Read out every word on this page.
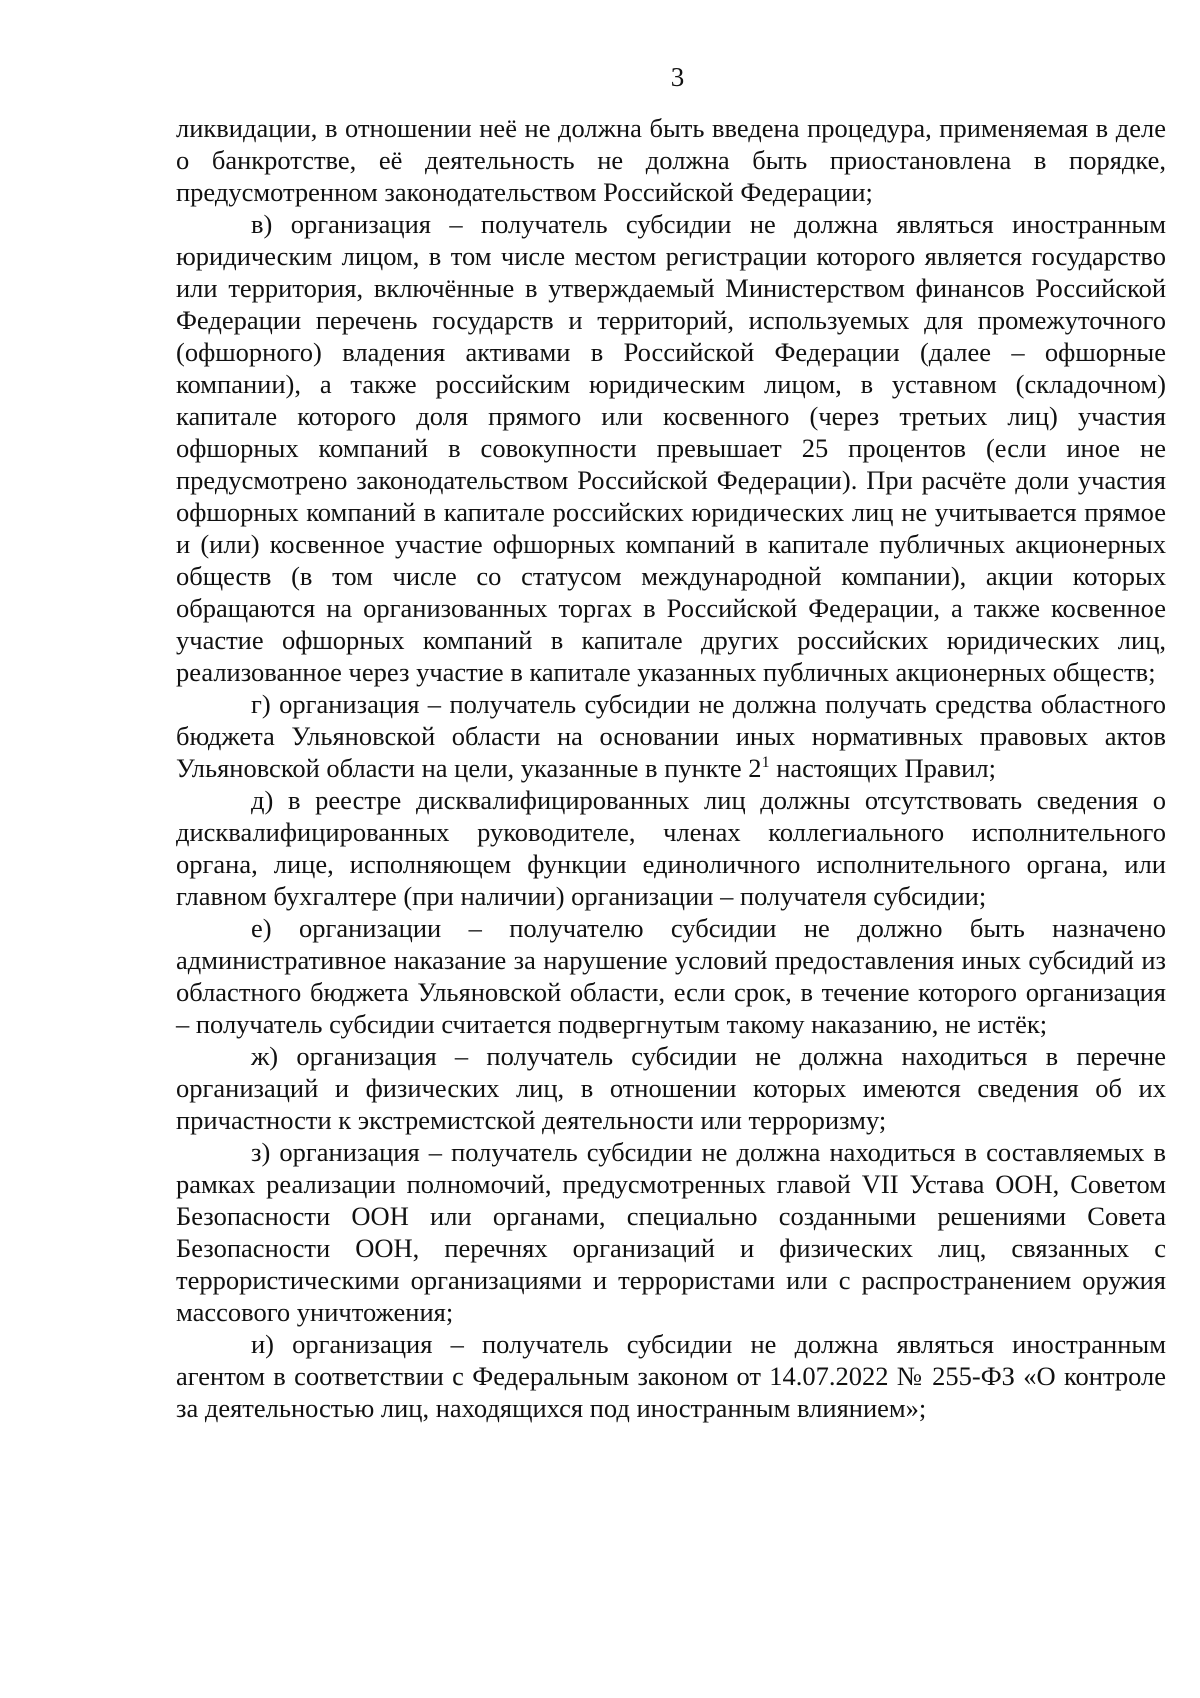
3

ликвидации, в отношении неё не должна быть введена процедура, применяемая в деле о банкротстве, её деятельность не должна быть приостановлена в порядке, предусмотренном законодательством Российской Федерации;

в) организация – получатель субсидии не должна являться иностранным юридическим лицом, в том числе местом регистрации которого является государство или территория, включённые в утверждаемый Министерством финансов Российской Федерации перечень государств и территорий, используемых для промежуточного (офшорного) владения активами в Российской Федерации (далее – офшорные компании), а также российским юридическим лицом, в уставном (складочном) капитале которого доля прямого или косвенного (через третьих лиц) участия офшорных компаний в совокупности превышает 25 процентов (если иное не предусмотрено законодательством Российской Федерации). При расчёте доли участия офшорных компаний в капитале российских юридических лиц не учитывается прямое и (или) косвенное участие офшорных компаний в капитале публичных акционерных обществ (в том числе со статусом международной компании), акции которых обращаются на организованных торгах в Российской Федерации, а также косвенное участие офшорных компаний в капитале других российских юридических лиц, реализованное через участие в капитале указанных публичных акционерных обществ;

г) организация – получатель субсидии не должна получать средства областного бюджета Ульяновской области на основании иных нормативных правовых актов Ульяновской области на цели, указанные в пункте $2^1$ настоящих Правил;

д) в реестре дисквалифицированных лиц должны отсутствовать сведения о дисквалифицированных руководителе, членах коллегиального исполнительного органа, лице, исполняющем функции единоличного исполнительного органа, или главном бухгалтере (при наличии) организации – получателя субсидии;

е) организации – получателю субсидии не должно быть назначено административное наказание за нарушение условий предоставления иных субсидий из областного бюджета Ульяновской области, если срок, в течение которого организация – получатель субсидии считается подвергнутым такому наказанию, не истёк;

ж) организация – получатель субсидии не должна находиться в перечне организаций и физических лиц, в отношении которых имеются сведения об их причастности к экстремистской деятельности или терроризму;

з) организация – получатель субсидии не должна находиться в составляемых в рамках реализации полномочий, предусмотренных главой VII Устава ООН, Советом Безопасности ООН или органами, специально созданными решениями Совета Безопасности ООН, перечнях организаций и физических лиц, связанных с террористическими организациями и террористами или с распространением оружия массового уничтожения;

и) организация – получатель субсидии не должна являться иностранным агентом в соответствии с Федеральным законом от 14.07.2022 № 255-ФЗ «О контроле за деятельностью лиц, находящихся под иностранным влиянием»;
